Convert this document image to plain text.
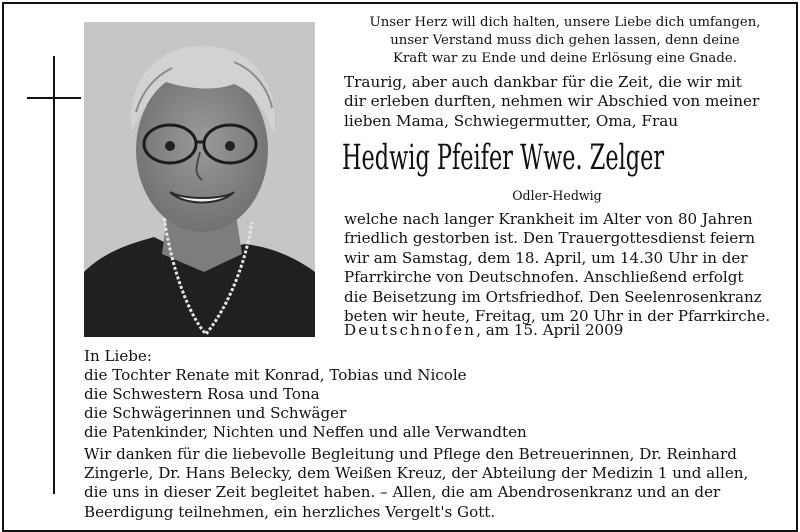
Unser Herz will dich halten, unsere Liebe dich umfangen,
unser Verstand muss dich gehen lassen, denn deine
Kraft war zu Ende und deine Erlösung eine Gnade.
Traurig, aber auch dankbar für die Zeit, die wir mit
dir erleben durften, nehmen wir Abschied von meiner
lieben Mama, Schwiegermutter, Oma, Frau
Hedwig Pfeifer Wwe. Zelger
Odler-Hedwig
welche nach langer Krankheit im Alter von 80 Jahren
friedlich gestorben ist. Den Trauergottesdienst feiern
wir am Samstag, dem 18. April, um 14.30 Uhr in der
Pfarrkirche von Deutschnofen. Anschließend erfolgt
die Beisetzung im Ortsfriedhof. Den Seelenrosenkranz
beten wir heute, Freitag, um 20 Uhr in der Pfarrkirche.
Deutschnofen, am 15. April 2009
In Liebe:
die Tochter Renate mit Konrad, Tobias und Nicole
die Schwestern Rosa und Tona
die Schwägerinnen und Schwäger
die Patenkinder, Nichten und Neffen und alle Verwandten
Wir danken für die liebevolle Begleitung und Pflege den Betreuerinnen, Dr. Reinhard
Zingerle, Dr. Hans Belecky, dem Weißen Kreuz, der Abteilung der Medizin 1 und allen,
die uns in dieser Zeit begleitet haben. – Allen, die am Abendrosenkranz und an der
Beerdigung teilnehmen, ein herzliches Vergelt's Gott.
